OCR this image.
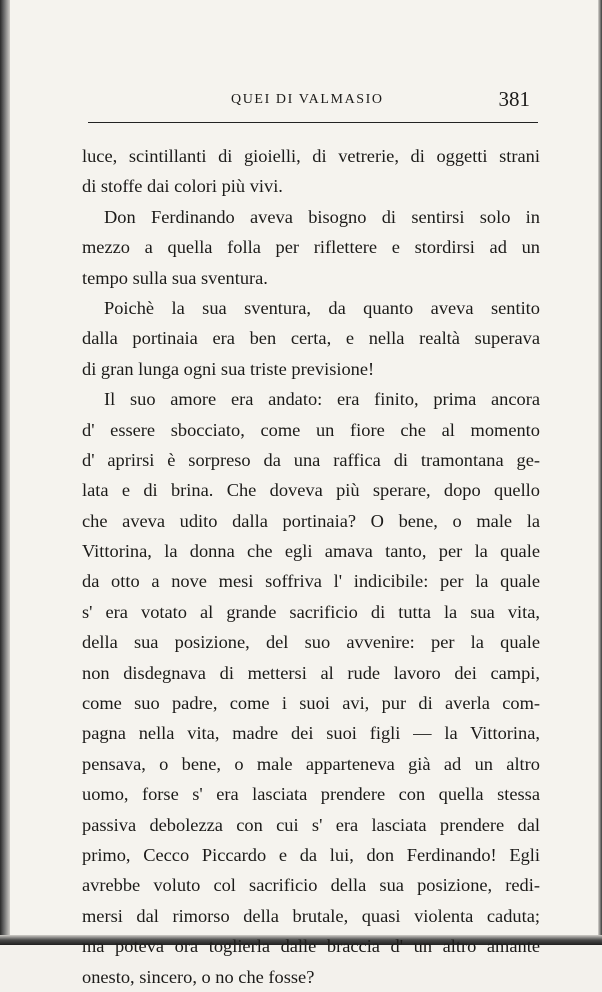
QUEI DI VALMASIO	381
luce, scintillanti di gioielli, di vetrerie, di oggetti strani
di stoffe dai colori più vivi.
Don Ferdinando aveva bisogno di sentirsi solo in
mezzo a quella folla per riflettere e stordirsi ad un
tempo sulla sua sventura.
Poichè la sua sventura, da quanto aveva sentito
dalla portinaia era ben certa, e nella realtà superava
di gran lunga ogni sua triste previsione!
Il suo amore era andato: era finito, prima ancora
d' essere sbocciato, come un fiore che al momento
d' aprirsi è sorpreso da una raffica di tramontana ge-
lata e di brina. Che doveva più sperare, dopo quello
che aveva udito dalla portinaia? O bene, o male la
Vittorina, la donna che egli amava tanto, per la quale
da otto a nove mesi soffriva l' indicibile: per la quale
s' era votato al grande sacrificio di tutta la sua vita,
della sua posizione, del suo avvenire: per la quale
non disdegnava di mettersi al rude lavoro dei campi,
come suo padre, come i suoi avi, pur di averla com-
pagna nella vita, madre dei suoi figli — la Vittorina,
pensava, o bene, o male apparteneva già ad un altro
uomo, forse s' era lasciata prendere con quella stessa
passiva debolezza con cui s' era lasciata prendere dal
primo, Cecco Piccardo e da lui, don Ferdinando! Egli
avrebbe voluto col sacrificio della sua posizione, redi-
mersi dal rimorso della brutale, quasi violenta caduta;
ma poteva ora toglierla dalle braccia d' un altro amante
onesto, sincero, o no che fosse?
